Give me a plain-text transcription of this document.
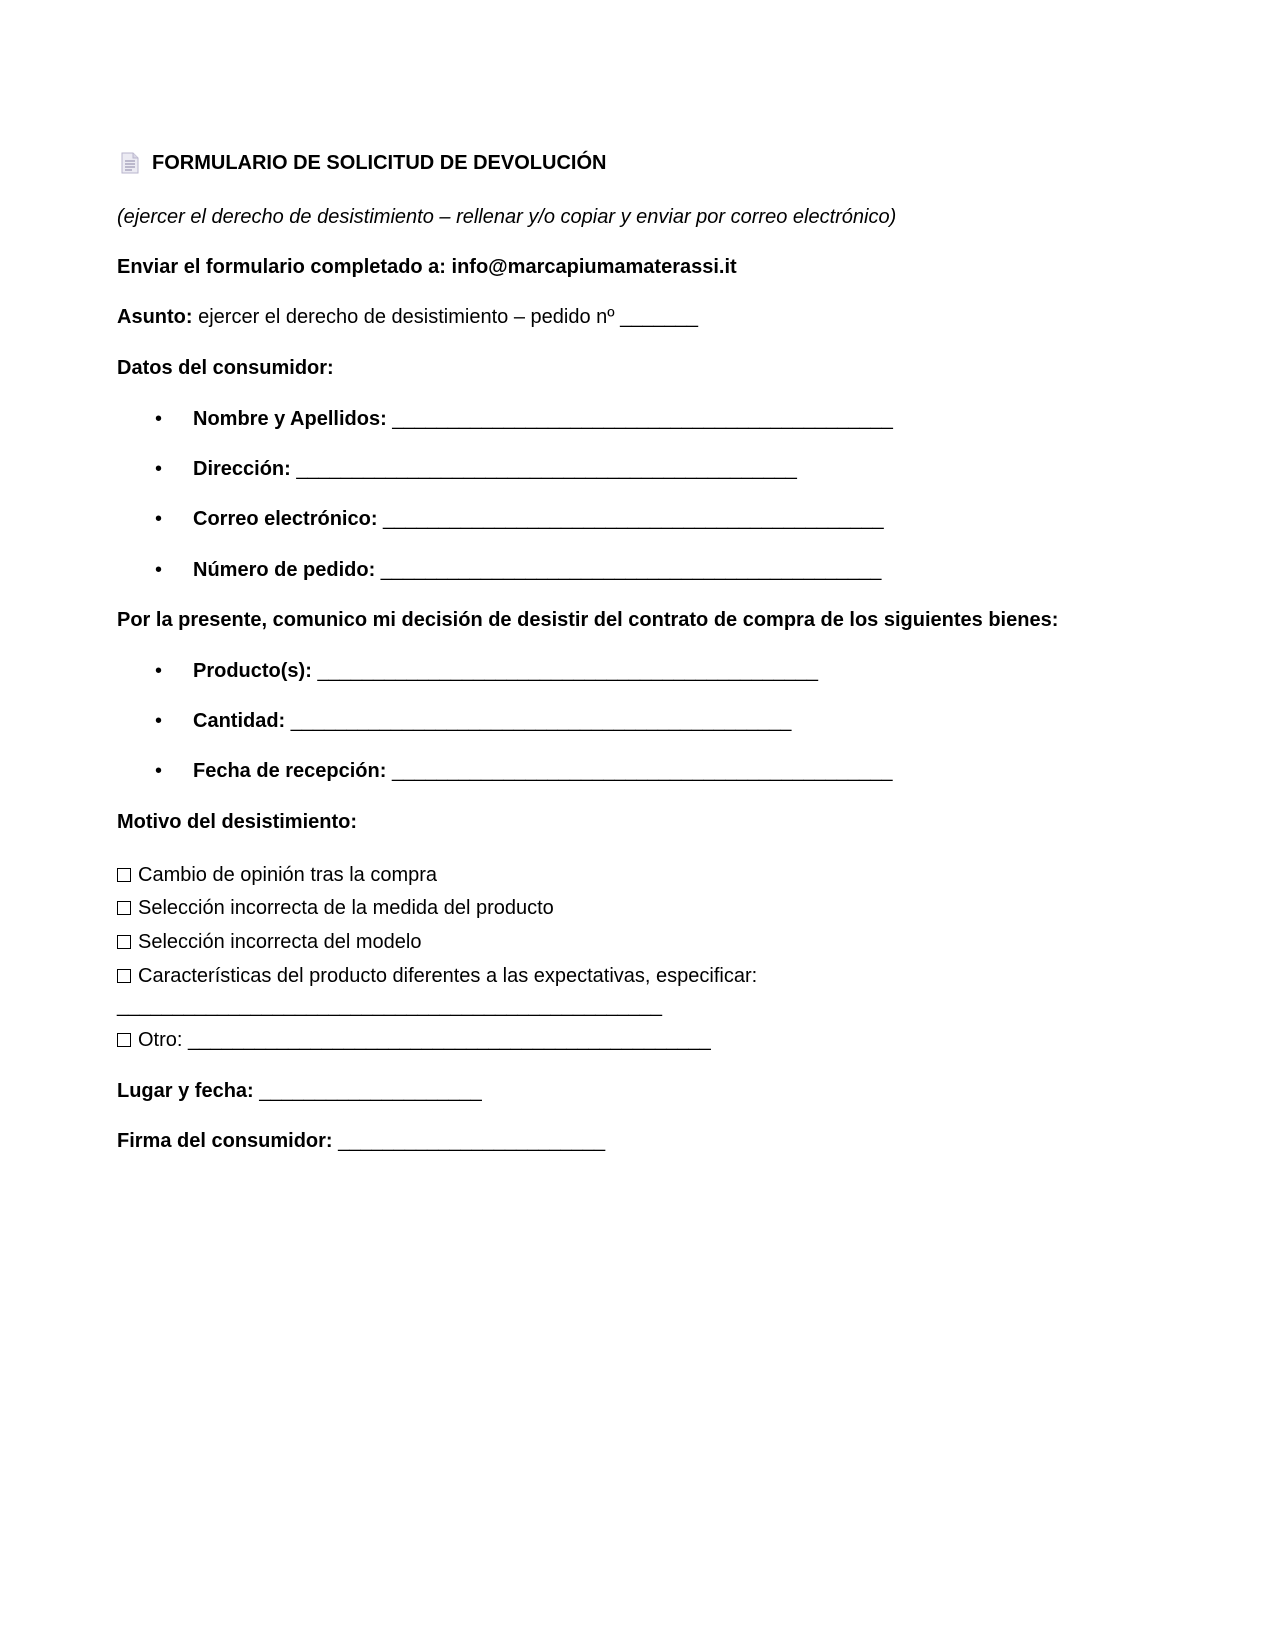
FORMULARIO DE SOLICITUD DE DEVOLUCIÓN
(ejercer el derecho de desistimiento – rellenar y/o copiar y enviar por correo electrónico)
Enviar el formulario completado a: info@marcapiumamaterassi.it
Asunto: ejercer el derecho de desistimiento – pedido nº _______
Datos del consumidor:
• Nombre y Apellidos: _____________________________________________
• Dirección: _____________________________________________
• Correo electrónico: _____________________________________________
• Número de pedido: _____________________________________________
Por la presente, comunico mi decisión de desistir del contrato de compra de los siguientes bienes:
• Producto(s): _____________________________________________
• Cantidad: _____________________________________________
• Fecha de recepción: _____________________________________________
Motivo del desistimiento:
Cambio de opinión tras la compra
Selección incorrecta de la medida del producto
Selección incorrecta del modelo
Características del producto diferentes a las expectativas, especificar:
_________________________________________________
Otro: _______________________________________________
Lugar y fecha: ____________________
Firma del consumidor: ________________________
